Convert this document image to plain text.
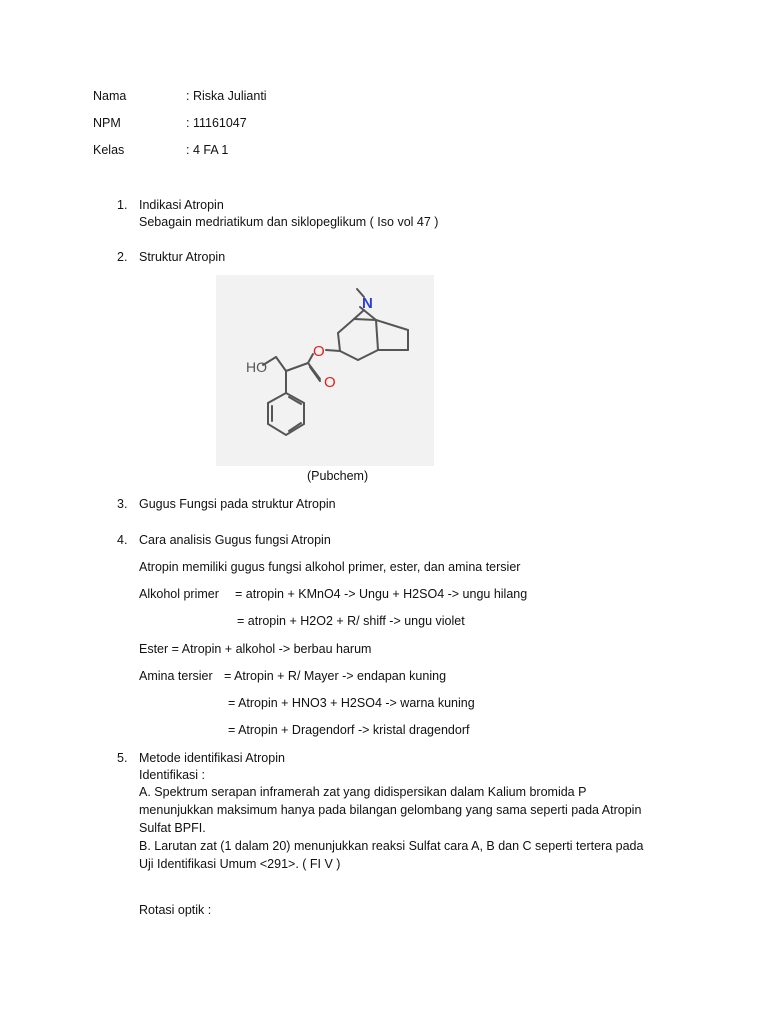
Nama	: Riska Julianti
NPM	: 11161047
Kelas	: 4 FA 1
1. Indikasi Atropin
Sebagain medriatikum dan siklopeglikum ( Iso vol 47 )
2. Struktur Atropin
N
O
O
HO
(Pubchem)
3. Gugus Fungsi pada struktur Atropin
4. Cara analisis Gugus fungsi Atropin
Atropin memiliki gugus fungsi alkohol primer, ester, dan amina tersier
Alkohol primer = atropin + KMnO4 -> Ungu + H2SO4 -> ungu hilang
= atropin + H2O2 + R/ shiff -> ungu violet
Ester = Atropin + alkohol -> berbau harum
Amina tersier = Atropin + R/ Mayer -> endapan kuning
= Atropin + HNO3 + H2SO4 -> warna kuning
= Atropin + Dragendorf -> kristal dragendorf
5. Metode identifikasi Atropin
Identifikasi :
A. Spektrum serapan inframerah zat yang didispersikan dalam Kalium bromida P
menunjukkan maksimum hanya pada bilangan gelombang yang sama seperti pada Atropin
Sulfat BPFI.
B. Larutan zat (1 dalam 20) menunjukkan reaksi Sulfat cara A, B dan C seperti tertera pada
Uji Identifikasi Umum <291>. ( FI V )
Rotasi optik :
